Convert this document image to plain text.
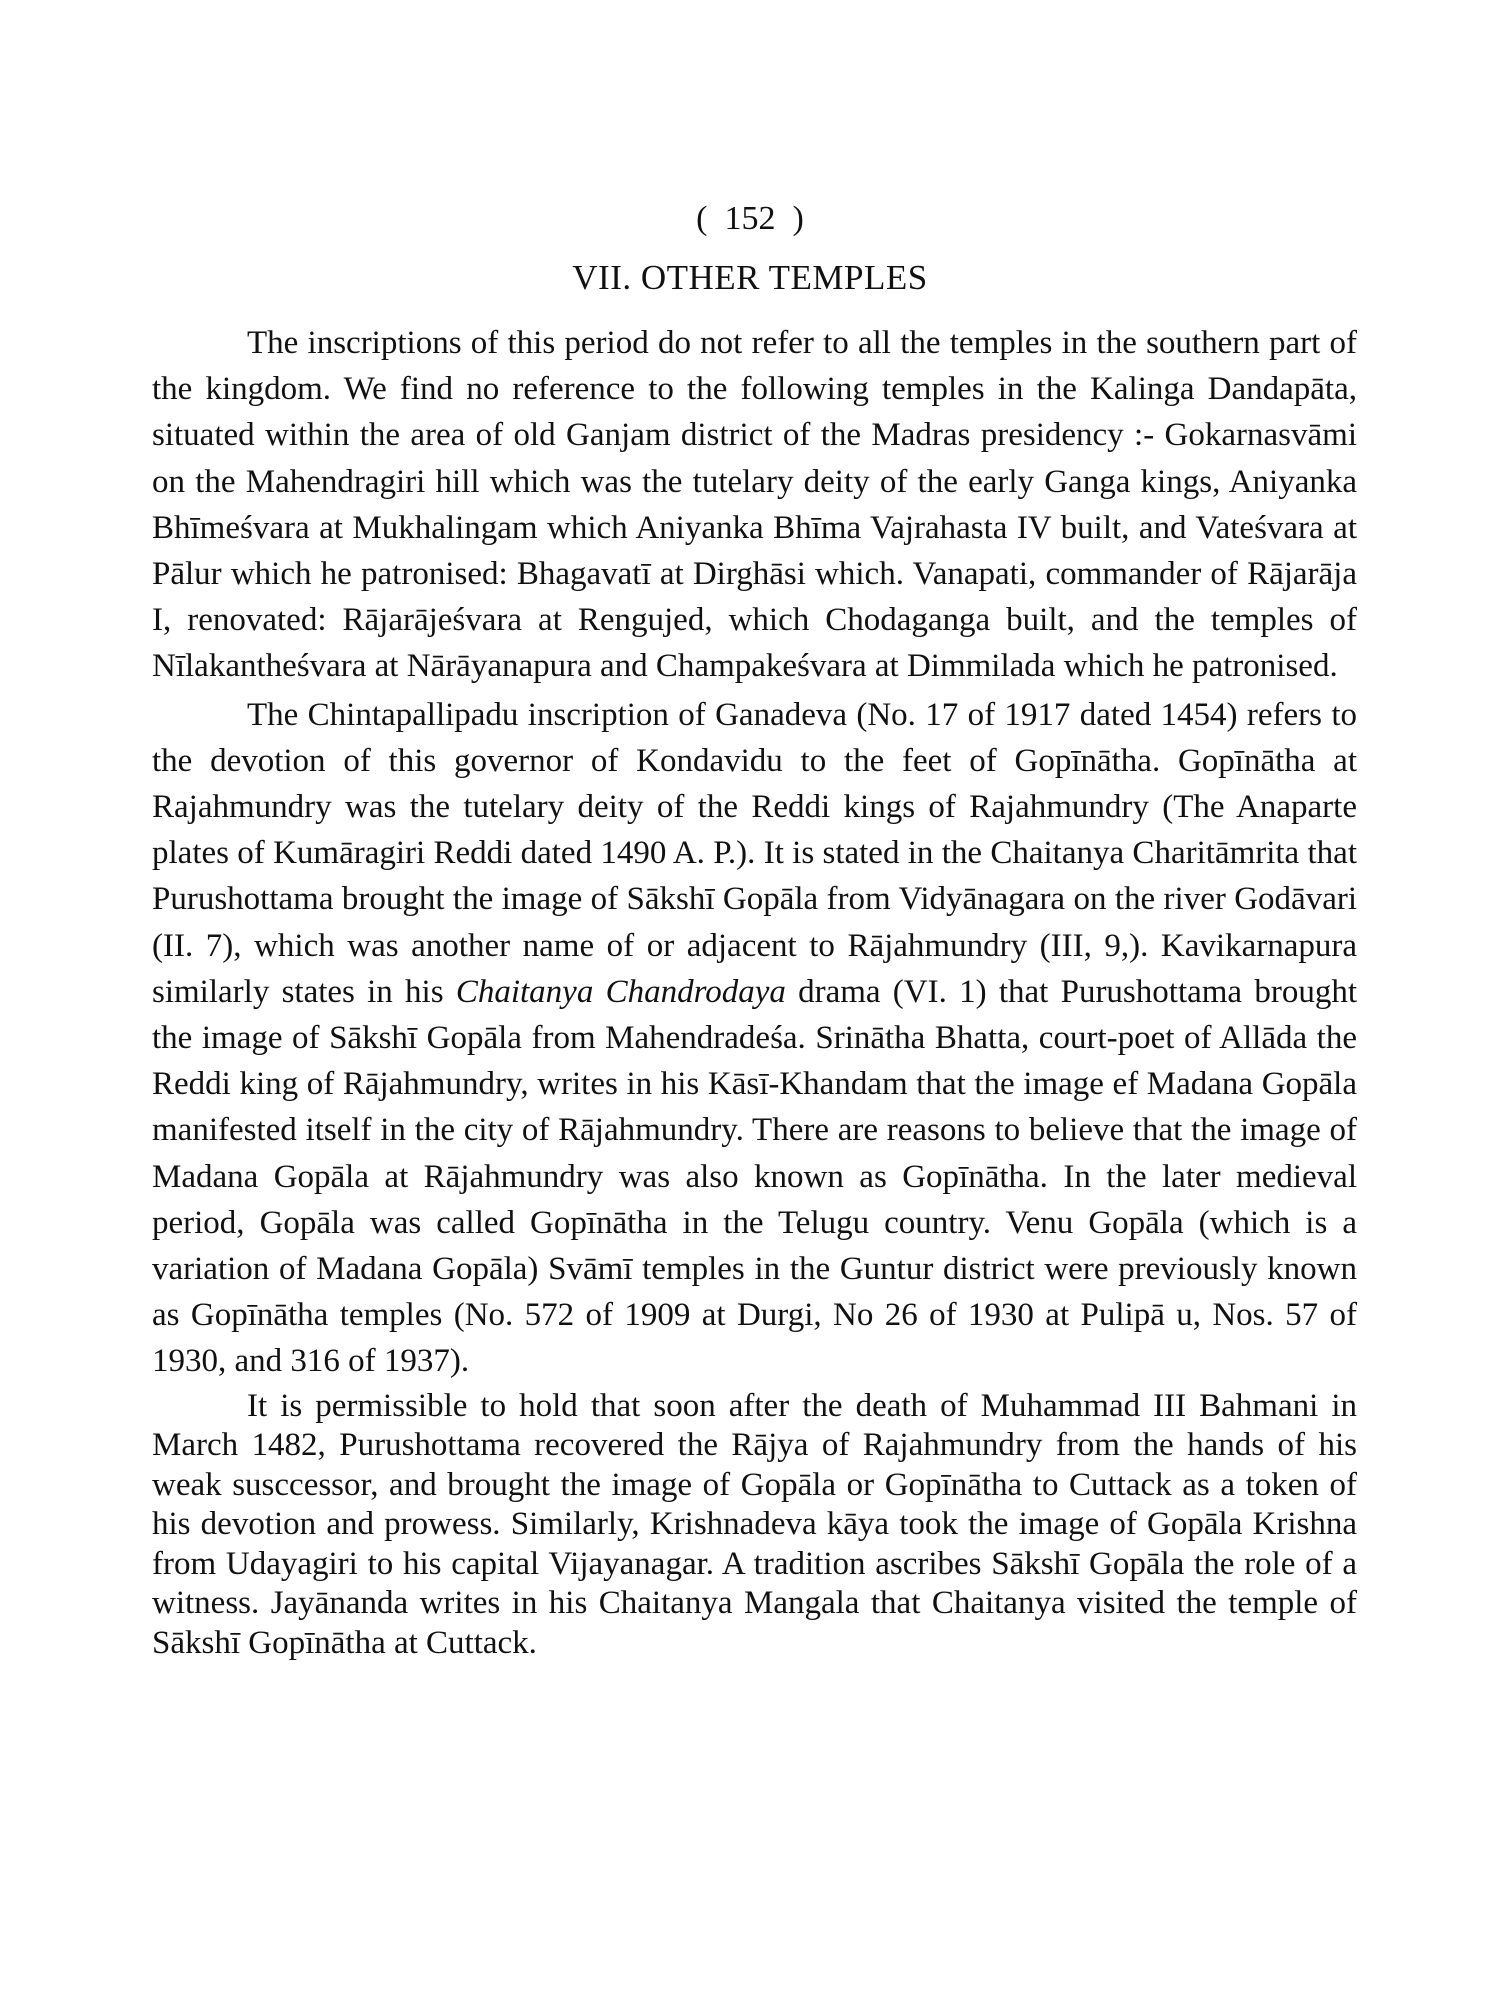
(  152  )
VII. OTHER TEMPLES

The inscriptions of this period do not refer to all the temples in the southern part of the kingdom. We find no reference to the following temples in the Kalinga Dandapāta, situated within the area of old Ganjam district of the Madras presidency :- Gokarnasvāmi on the Mahendragiri hill which was the tutelary deity of the early Ganga kings, Aniyanka Bhīmeśvara at Mukhalingam which Aniyanka Bhīma Vajrahasta IV built, and Vateśvara at Pālur which he patronised: Bhagavatī at Dirghāsi which. Vanapati, commander of Rājarāja I, renovated: Rājarājeśvara at Rengujed, which Chodaganga built, and the temples of Nīlakantheśvara at Nārāyanapura and Champakeśvara at Dimmilada which he patronised.

The Chintapallipadu inscription of Ganadeva (No. 17 of 1917 dated 1454) refers to the devotion of this governor of Kondavidu to the feet of Gopīnātha. Gopīnātha at Rajahmundry was the tutelary deity of the Reddi kings of Rajahmundry (The Anaparte plates of Kumāragiri Reddi dated 1490 A. P.). It is stated in the Chaitanya Charitāmrita that Purushottama brought the image of Sākshī Gopāla from Vidyānagara on the river Godāvari (II. 7), which was another name of or adjacent to Rājahmundry (III, 9,). Kavikarnapura similarly states in his Chaitanya Chandrodaya drama (VI. 1) that Purushottama brought the image of Sākshī Gopāla from Mahendradeśa. Srinātha Bhatta, court-poet of Allāda the Reddi king of Rājahmundry, writes in his Kāsī-Khandam that the image ef Madana Gopāla manifested itself in the city of Rājahmundry. There are reasons to believe that the image of Madana Gopāla at Rājahmundry was also known as Gopīnātha. In the later medieval period, Gopāla was called Gopīnātha in the Telugu country. Venu Gopāla (which is a variation of Madana Gopāla) Svāmī temples in the Guntur district were previously known as Gopīnātha temples (No. 572 of 1909 at Durgi, No 26 of 1930 at Pulipā u, Nos. 57 of 1930, and 316 of 1937).

It is permissible to hold that soon after the death of Muhammad III Bahmani in March 1482, Purushottama recovered the Rājya of Rajahmundry from the hands of his weak susccessor, and brought the image of Gopāla or Gopīnātha to Cuttack as a token of his devotion and prowess. Similarly, Krishnadeva kāya took the image of Gopāla Krishna from Udayagiri to his capital Vijayanagar. A tradition ascribes Sākshī Gopāla the role of a witness. Jayānanda writes in his Chaitanya Mangala that Chaitanya visited the temple of Sākshī Gopīnātha at Cuttack.
